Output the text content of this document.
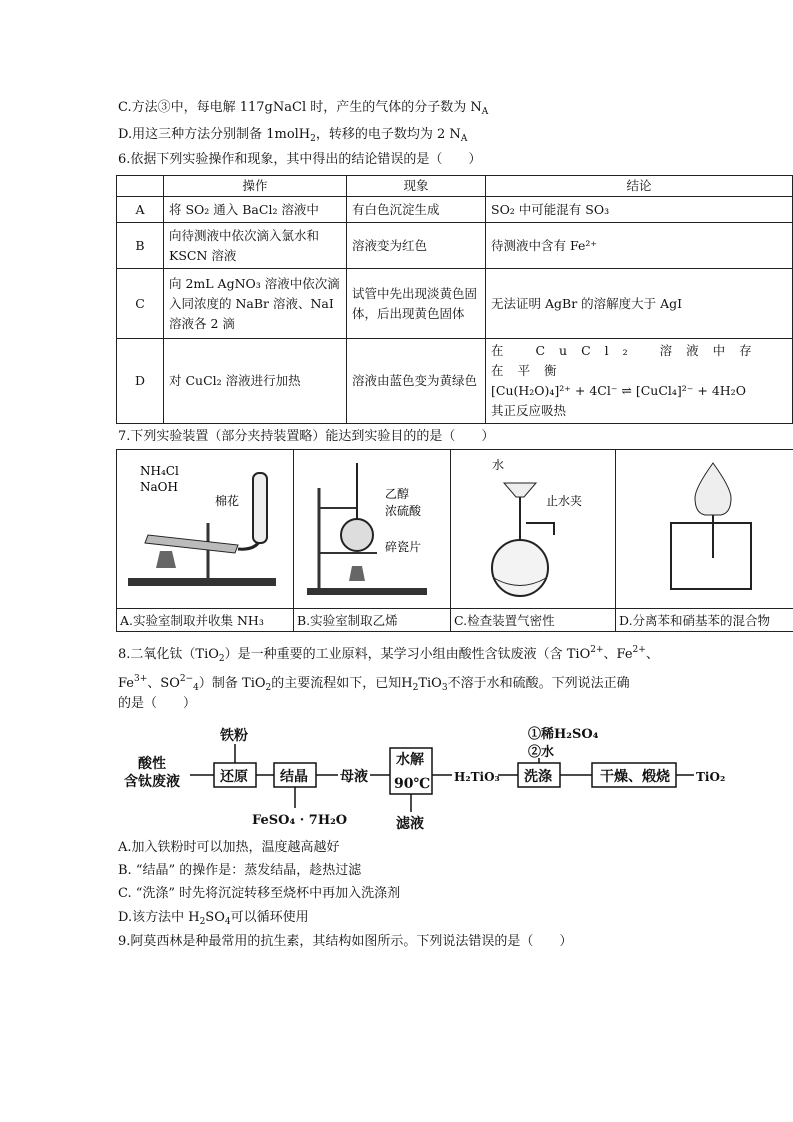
C.方法③中，每电解 117gNaCl 时，产生的气体的分子数为 $N_A$
D.用这三种方法分别制备 1molH$_2$，转移的电子数均为 2 $N_A$
6.依据下列实验操作和现象，其中得出的结论错误的是（　　）
	操作	现象	结论
A	将 SO₂ 通入 BaCl₂ 溶液中	有白色沉淀生成	SO₂ 中可能混有 SO₃
B	向待测液中依次滴入氯水和 KSCN 溶液	溶液变为红色	待测液中含有 Fe²⁺
C	向 2mL AgNO₃ 溶液中依次滴入同浓度的 NaBr 溶液、NaI 溶液各 2 滴	试管中先出现淡黄色固体，后出现黄色固体	无法证明 AgBr 的溶解度大于 AgI
D	对 CuCl₂ 溶液进行加热	溶液由蓝色变为黄绿色	在 CuCl₂ 溶液中存在平衡
[Cu(H₂O)₄]²⁺ + 4Cl⁻ ⇌ [CuCl₄]²⁻ + 4H₂O
其正反应吸热
7.下列实验装置（部分夹持装置略）能达到实验目的的是（　　）
NH₄Cl
NaOH
棉花	乙醇
浓硫酸
碎瓷片	水
止水夹

A.实验室制取并收集 NH₃	B.实验室制取乙烯	C.检查装置气密性	D.分离苯和硝基苯的混合物
8.二氧化钛（TiO$_2$）是一种重要的工业原料，某学习小组由酸性含钛废液（含 TiO$^{2+}$、$Fe^{2+}$、
$Fe^{3+}$、$SO^{2-}_4$）制备 TiO$_2$的主要流程如下，已知$H_2TiO_3$不溶于水和硫酸。下列说法正确
的是（　　）
酸性
含钛废液
铁粉
还原 结晶 母液
水解
90℃ H₂TiO₃ 洗涤
①稀H₂SO₄
②水
干燥、煅烧 TiO₂
FeSO₄ · 7H₂O	滤液
A.加入铁粉时可以加热，温度越高越好
B. “结晶” 的操作是：蒸发结晶，趁热过滤
C. “洗涤” 时先将沉淀转移至烧杯中再加入洗涤剂
D.该方法中 $H_2SO_4$可以循环使用
9.阿莫西林是种最常用的抗生素，其结构如图所示。下列说法错误的是（　　）
